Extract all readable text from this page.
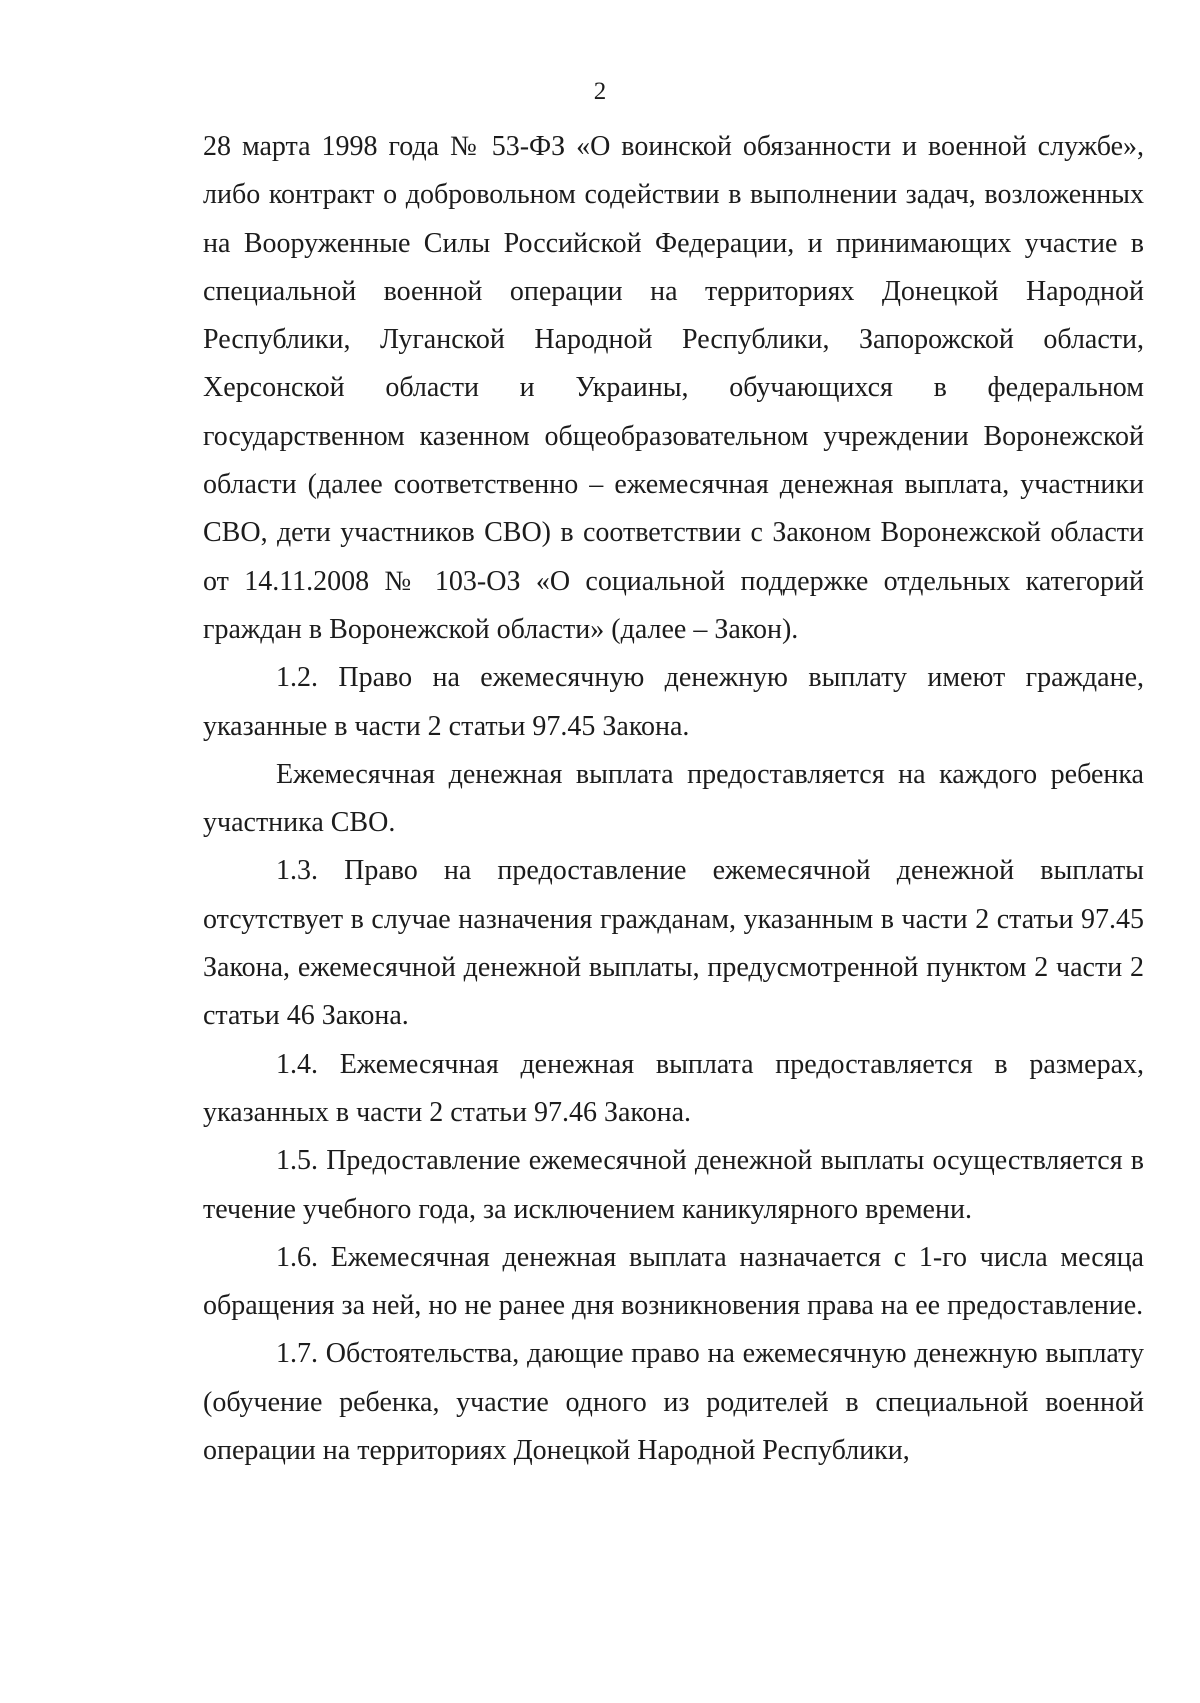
2

28 марта 1998 года № 53-ФЗ «О воинской обязанности и военной службе», либо контракт о добровольном содействии в выполнении задач, возложенных на Вооруженные Силы Российской Федерации, и принимающих участие в специальной военной операции на территориях Донецкой Народной Республики, Луганской Народной Республики, Запорожской области, Херсонской области и Украины, обучающихся в федеральном государственном казенном общеобразовательном учреждении Воронежской области (далее соответственно – ежемесячная денежная выплата, участники СВО, дети участников СВО) в соответствии с Законом Воронежской области от 14.11.2008 № 103-ОЗ «О социальной поддержке отдельных категорий граждан в Воронежской области» (далее – Закон).

1.2. Право на ежемесячную денежную выплату имеют граждане, указанные в части 2 статьи 97.45 Закона.

Ежемесячная денежная выплата предоставляется на каждого ребенка участника СВО.

1.3. Право на предоставление ежемесячной денежной выплаты отсутствует в случае назначения гражданам, указанным в части 2 статьи 97.45 Закона, ежемесячной денежной выплаты, предусмотренной пунктом 2 части 2 статьи 46 Закона.

1.4. Ежемесячная денежная выплата предоставляется в размерах, указанных в части 2 статьи 97.46 Закона.

1.5. Предоставление ежемесячной денежной выплаты осуществляется в течение учебного года, за исключением каникулярного времени.

1.6. Ежемесячная денежная выплата назначается с 1-го числа месяца обращения за ней, но не ранее дня возникновения права на ее предоставление.

1.7. Обстоятельства, дающие право на ежемесячную денежную выплату (обучение ребенка, участие одного из родителей в специальной военной операции на территориях Донецкой Народной Республики,
